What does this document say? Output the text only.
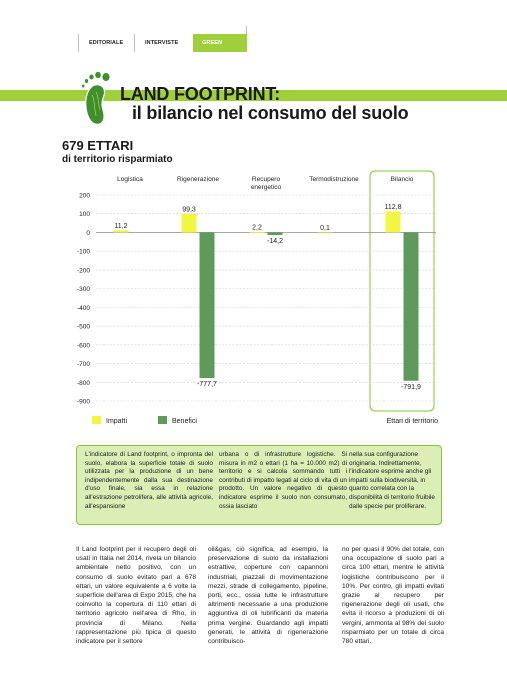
EDITORIALE	INTERVISTE	GREEN REPORT
LAND FOOTPRINT:
il bilancio nel consumo del suolo
679 ETTARI
di territorio risparmiato
200
100
0
-100
-200
-300
-400
-500
-600
-700
-800
-900
Logistica	Rigenerazione	Recupero
energetico
Termodistruzione	Bilancio
11,2
99,3
2,2	0,1
112,8
-777,7
-14,2
-791,9
Impatti	Benefici	Ettari di territorio
L'indicatore di Land footprint, o impronta del suolo, elabora la superficie totale di suolo utilizzata per la produzione di un bene indipendentemente dalla sua destinazione d'uso finale, sia essa in relazione all'estrazione petrolifera, alle attività agricole, all'espansione
urbana o di infrastrutture logistiche. Si misura in m2 o ettari (1 ha = 10.000 m2) di territorio e si calcola sommando tutti i contributi di impatto legati al ciclo di vita di un prodotto. Un valore negativo di questo indicatore esprime il suolo non consumato, ossia lasciato
nella sua configurazione originaria. Indirettamente, l'indicatore esprime anche gli impatti sulla biodiversità, in quanto correlata con la disponibilità di territorio fruibile dalle specie per proliferare.
Il Land footprint per il recupero degli oli usati in Italia nel 2014, rivela un bilancio ambientale netto positivo, con un consumo di suolo evitato pari a 678 ettari, un valore equivalente a 6 volte la superficie dell'area di Expo 2015, che ha coinvolto la copertura di 110 ettari di territorio agricolo nell'area di Rho, in provincia di Milano. Nella rappresentazione più tipica di questo indicatore per il settore
oil&gas, ciò significa, ad esempio, la preservazione di suolo da installazioni estrattive, coperture con capannoni industriali, piazzali di movimentazione mezzi, strade di collegamento, pipeline, porti, ecc., ossia tutte le infrastrutture altrimenti necessarie a una produzione aggiuntiva di oli lubrificanti da materia prima vergine. Guardando agli impatti generati, le attività di rigenerazione contribuisco-
no per quasi il 90% del totale, con una occupazione di suolo pari a circa 100 ettari, mentre le attività logistiche contribuiscono per il 10%. Per contro, gli impatti evitati grazie al recupero per rigenerazione degli oli usati, che evita il ricorso a produzioni di oli vergini, ammonta al 98% del suolo risparmiato per un totale di circa 780 ettari.
